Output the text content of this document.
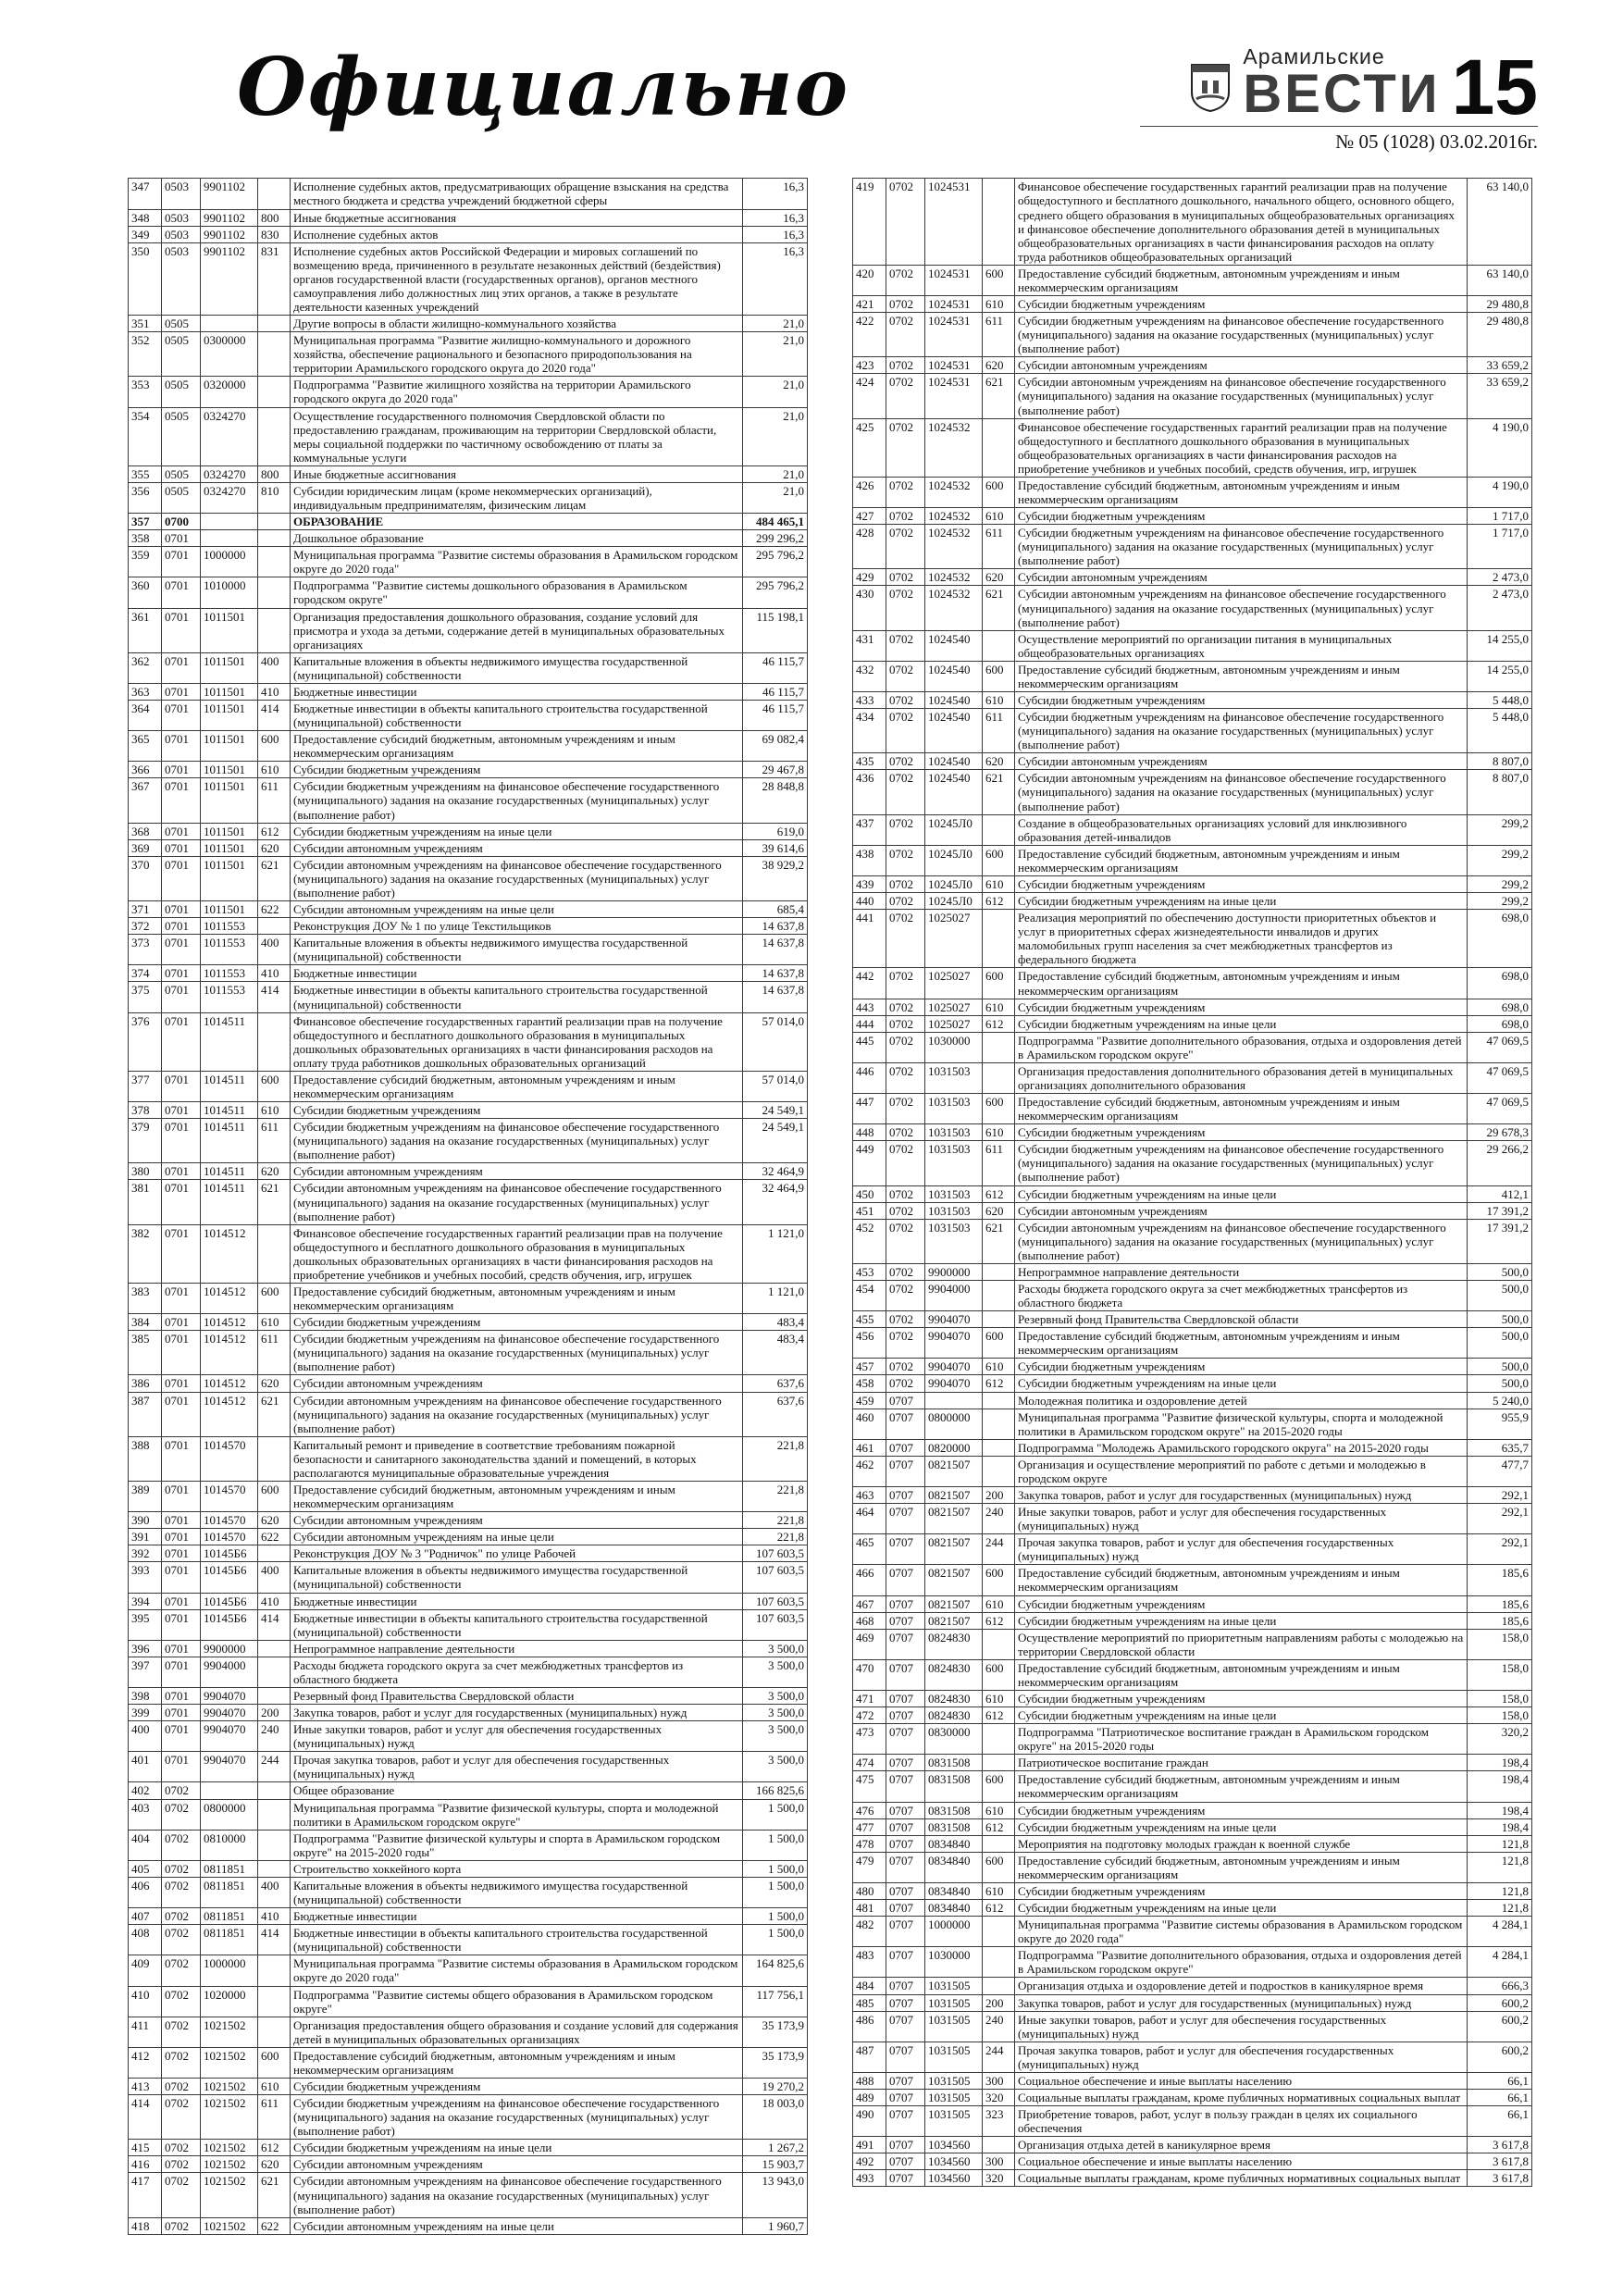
Официально	Арамильские
ВЕСТИ 15
№ 05 (1028) 03.02.2016г.
347	0503	9901102		Исполнение судебных актов, предусматривающих обращение взыскания на средства местного бюджета и средства учреждений бюджетной сферы	16,3
348	0503	9901102	800	Иные бюджетные ассигнования	16,3
349	0503	9901102	830	Исполнение судебных актов	16,3
350	0503	9901102	831	Исполнение судебных актов Российской Федерации и мировых соглашений по возмещению вреда, причиненного в результате незаконных действий (бездействия) органов государственной власти (государственных органов), органов местного самоуправления либо должностных лиц этих органов, а также в результате деятельности казенных учреждений	16,3
351	0505			Другие вопросы в области жилищно-коммунального хозяйства	21,0
352	0505	0300000		Муниципальная программа "Развитие жилищно-коммунального и дорожного хозяйства, обеспечение рационального и безопасного природопользования на территории Арамильского городского округа до 2020 года"	21,0
353	0505	0320000		Подпрограмма "Развитие жилищного хозяйства на территории Арамильского городского округа до 2020 года"	21,0
354	0505	0324270		Осуществление государственного полномочия Свердловской области по предоставлению гражданам, проживающим на территории Свердловской области, меры социальной поддержки по частичному освобождению от платы за коммунальные услуги	21,0
355	0505	0324270	800	Иные бюджетные ассигнования	21,0
356	0505	0324270	810	Субсидии юридическим лицам (кроме некоммерческих организаций), индивидуальным предпринимателям, физическим лицам	21,0
357	0700			ОБРАЗОВАНИЕ	484 465,1
358	0701			Дошкольное образование	299 296,2
359	0701	1000000		Муниципальная программа "Развитие системы образования в Арамильском городском округе до 2020 года"	295 796,2
360	0701	1010000		Подпрограмма "Развитие системы дошкольного образования в Арамильском городском округе"	295 796,2
361	0701	1011501		Организация предоставления дошкольного образования, создание условий для присмотра и ухода за детьми, содержание детей в муниципальных образовательных организациях	115 198,1
362	0701	1011501	400	Капитальные вложения в объекты недвижимого имущества государственной (муниципальной) собственности	46 115,7
363	0701	1011501	410	Бюджетные инвестиции	46 115,7
364	0701	1011501	414	Бюджетные инвестиции в объекты капитального строительства государственной (муниципальной) собственности	46 115,7
365	0701	1011501	600	Предоставление субсидий бюджетным, автономным учреждениям и иным некоммерческим организациям	69 082,4
366	0701	1011501	610	Субсидии бюджетным учреждениям	29 467,8
367	0701	1011501	611	Субсидии бюджетным учреждениям на финансовое обеспечение государственного (муниципального) задания на оказание государственных (муниципальных) услуг (выполнение работ)	28 848,8
368	0701	1011501	612	Субсидии бюджетным учреждениям на иные цели	619,0
369	0701	1011501	620	Субсидии автономным учреждениям	39 614,6
370	0701	1011501	621	Субсидии автономным учреждениям на финансовое обеспечение государственного (муниципального) задания на оказание государственных (муниципальных) услуг (выполнение работ)	38 929,2
371	0701	1011501	622	Субсидии автономным учреждениям на иные цели	685,4
372	0701	1011553		Реконструкция ДОУ № 1 по улице Текстильщиков	14 637,8
373	0701	1011553	400	Капитальные вложения в объекты недвижимого имущества государственной (муниципальной) собственности	14 637,8
374	0701	1011553	410	Бюджетные инвестиции	14 637,8
375	0701	1011553	414	Бюджетные инвестиции в объекты капитального строительства государственной (муниципальной) собственности	14 637,8
376	0701	1014511		Финансовое обеспечение государственных гарантий реализации прав на получение общедоступного и бесплатного дошкольного образования в муниципальных дошкольных образовательных организациях в части финансирования расходов на оплату труда работников дошкольных образовательных организаций	57 014,0
377	0701	1014511	600	Предоставление субсидий бюджетным, автономным учреждениям и иным некоммерческим организациям	57 014,0
378	0701	1014511	610	Субсидии бюджетным учреждениям	24 549,1
379	0701	1014511	611	Субсидии бюджетным учреждениям на финансовое обеспечение государственного (муниципального) задания на оказание государственных (муниципальных) услуг (выполнение работ)	24 549,1
380	0701	1014511	620	Субсидии автономным учреждениям	32 464,9
381	0701	1014511	621	Субсидии автономным учреждениям на финансовое обеспечение государственного (муниципального) задания на оказание государственных (муниципальных) услуг (выполнение работ)	32 464,9
382	0701	1014512		Финансовое обеспечение государственных гарантий реализации прав на получение общедоступного и бесплатного дошкольного образования в муниципальных дошкольных образовательных организациях в части финансирования расходов на приобретение учебников и учебных пособий, средств обучения, игр, игрушек	1 121,0
383	0701	1014512	600	Предоставление субсидий бюджетным, автономным учреждениям и иным некоммерческим организациям	1 121,0
384	0701	1014512	610	Субсидии бюджетным учреждениям	483,4
385	0701	1014512	611	Субсидии бюджетным учреждениям на финансовое обеспечение государственного (муниципального) задания на оказание государственных (муниципальных) услуг (выполнение работ)	483,4
386	0701	1014512	620	Субсидии автономным учреждениям	637,6
387	0701	1014512	621	Субсидии автономным учреждениям на финансовое обеспечение государственного (муниципального) задания на оказание государственных (муниципальных) услуг (выполнение работ)	637,6
388	0701	1014570		Капитальный ремонт и приведение в соответствие требованиям пожарной безопасности и санитарного законодательства зданий и помещений, в которых располагаются муниципальные образовательные учреждения	221,8
389	0701	1014570	600	Предоставление субсидий бюджетным, автономным учреждениям и иным некоммерческим организациям	221,8
390	0701	1014570	620	Субсидии автономным учреждениям	221,8
391	0701	1014570	622	Субсидии автономным учреждениям на иные цели	221,8
392	0701	10145Б6		Реконструкция ДОУ № 3 "Родничок" по улице Рабочей	107 603,5
393	0701	10145Б6	400	Капитальные вложения в объекты недвижимого имущества государственной (муниципальной) собственности	107 603,5
394	0701	10145Б6	410	Бюджетные инвестиции	107 603,5
395	0701	10145Б6	414	Бюджетные инвестиции в объекты капитального строительства государственной (муниципальной) собственности	107 603,5
396	0701	9900000		Непрограммное направление деятельности	3 500,0
397	0701	9904000		Расходы бюджета городского округа за счет межбюджетных трансфертов из областного бюджета	3 500,0
398	0701	9904070		Резервный фонд Правительства Свердловской области	3 500,0
399	0701	9904070	200	Закупка товаров, работ и услуг для государственных (муниципальных) нужд	3 500,0
400	0701	9904070	240	Иные закупки товаров, работ и услуг для обеспечения государственных (муниципальных) нужд	3 500,0
401	0701	9904070	244	Прочая закупка товаров, работ и услуг для обеспечения государственных (муниципальных) нужд	3 500,0
402	0702			Общее образование	166 825,6
403	0702	0800000		Муниципальная программа "Развитие физической культуры, спорта и молодежной политики в Арамильском городском округе"	1 500,0
404	0702	0810000		Подпрограмма "Развитие физической культуры и спорта в Арамильском городском округе" на 2015-2020 годы"	1 500,0
405	0702	0811851		Строительство хоккейного корта	1 500,0
406	0702	0811851	400	Капитальные вложения в объекты недвижимого имущества государственной (муниципальной) собственности	1 500,0
407	0702	0811851	410	Бюджетные инвестиции	1 500,0
408	0702	0811851	414	Бюджетные инвестиции в объекты капитального строительства государственной (муниципальной) собственности	1 500,0
409	0702	1000000		Муниципальная программа "Развитие системы образования в Арамильском городском округе до 2020 года"	164 825,6
410	0702	1020000		Подпрограмма "Развитие системы общего образования в Арамильском городском округе"	117 756,1
411	0702	1021502		Организация предоставления общего образования и создание условий для содержания детей в муниципальных образовательных организациях	35 173,9
412	0702	1021502	600	Предоставление субсидий бюджетным, автономным учреждениям и иным некоммерческим организациям	35 173,9
413	0702	1021502	610	Субсидии бюджетным учреждениям	19 270,2
414	0702	1021502	611	Субсидии бюджетным учреждениям на финансовое обеспечение государственного (муниципального) задания на оказание государственных (муниципальных) услуг (выполнение работ)	18 003,0
415	0702	1021502	612	Субсидии бюджетным учреждениям на иные цели	1 267,2
416	0702	1021502	620	Субсидии автономным учреждениям	15 903,7
417	0702	1021502	621	Субсидии автономным учреждениям на финансовое обеспечение государственного (муниципального) задания на оказание государственных (муниципальных) услуг (выполнение работ)	13 943,0
418	0702	1021502	622	Субсидии автономным учреждениям на иные цели	1 960,7
419	0702	1024531		Финансовое обеспечение государственных гарантий реализации прав на получение общедоступного и бесплатного дошкольного, начального общего, основного общего, среднего общего образования в муниципальных общеобразовательных организациях и финансовое обеспечение дополнительного образования детей в муниципальных общеобразовательных организациях в части финансирования расходов на оплату труда работников общеобразовательных организаций	63 140,0
420	0702	1024531	600	Предоставление субсидий бюджетным, автономным учреждениям и иным некоммерческим организациям	63 140,0
421	0702	1024531	610	Субсидии бюджетным учреждениям	29 480,8
422	0702	1024531	611	Субсидии бюджетным учреждениям на финансовое обеспечение государственного (муниципального) задания на оказание государственных (муниципальных) услуг (выполнение работ)	29 480,8
423	0702	1024531	620	Субсидии автономным учреждениям	33 659,2
424	0702	1024531	621	Субсидии автономным учреждениям на финансовое обеспечение государственного (муниципального) задания на оказание государственных (муниципальных) услуг (выполнение работ)	33 659,2
425	0702	1024532		Финансовое обеспечение государственных гарантий реализации прав на получение общедоступного и бесплатного дошкольного образования в муниципальных общеобразовательных организациях в части финансирования расходов на приобретение учебников и учебных пособий, средств обучения, игр, игрушек	4 190,0
426	0702	1024532	600	Предоставление субсидий бюджетным, автономным учреждениям и иным некоммерческим организациям	4 190,0
427	0702	1024532	610	Субсидии бюджетным учреждениям	1 717,0
428	0702	1024532	611	Субсидии бюджетным учреждениям на финансовое обеспечение государственного (муниципального) задания на оказание государственных (муниципальных) услуг (выполнение работ)	1 717,0
429	0702	1024532	620	Субсидии автономным учреждениям	2 473,0
430	0702	1024532	621	Субсидии автономным учреждениям на финансовое обеспечение государственного (муниципального) задания на оказание государственных (муниципальных) услуг (выполнение работ)	2 473,0
431	0702	1024540		Осуществление мероприятий по организации питания в муниципальных общеобразовательных организациях	14 255,0
432	0702	1024540	600	Предоставление субсидий бюджетным, автономным учреждениям и иным некоммерческим организациям	14 255,0
433	0702	1024540	610	Субсидии бюджетным учреждениям	5 448,0
434	0702	1024540	611	Субсидии бюджетным учреждениям на финансовое обеспечение государственного (муниципального) задания на оказание государственных (муниципальных) услуг (выполнение работ)	5 448,0
435	0702	1024540	620	Субсидии автономным учреждениям	8 807,0
436	0702	1024540	621	Субсидии автономным учреждениям на финансовое обеспечение государственного (муниципального) задания на оказание государственных (муниципальных) услуг (выполнение работ)	8 807,0
437	0702	10245Л0		Создание в общеобразовательных организациях условий для инклюзивного образования детей-инвалидов	299,2
438	0702	10245Л0	600	Предоставление субсидий бюджетным, автономным учреждениям и иным некоммерческим организациям	299,2
439	0702	10245Л0	610	Субсидии бюджетным учреждениям	299,2
440	0702	10245Л0	612	Субсидии бюджетным учреждениям на иные цели	299,2
441	0702	1025027		Реализация мероприятий по обеспечению доступности приоритетных объектов и услуг в приоритетных сферах жизнедеятельности инвалидов и других маломобильных групп населения за счет межбюджетных трансфертов из федерального бюджета	698,0
442	0702	1025027	600	Предоставление субсидий бюджетным, автономным учреждениям и иным некоммерческим организациям	698,0
443	0702	1025027	610	Субсидии бюджетным учреждениям	698,0
444	0702	1025027	612	Субсидии бюджетным учреждениям на иные цели	698,0
445	0702	1030000		Подпрограмма "Развитие дополнительного образования, отдыха и оздоровления детей в Арамильском городском округе"	47 069,5
446	0702	1031503		Организация предоставления дополнительного образования детей в муниципальных организациях дополнительного образования	47 069,5
447	0702	1031503	600	Предоставление субсидий бюджетным, автономным учреждениям и иным некоммерческим организациям	47 069,5
448	0702	1031503	610	Субсидии бюджетным учреждениям	29 678,3
449	0702	1031503	611	Субсидии бюджетным учреждениям на финансовое обеспечение государственного (муниципального) задания на оказание государственных (муниципальных) услуг (выполнение работ)	29 266,2
450	0702	1031503	612	Субсидии бюджетным учреждениям на иные цели	412,1
451	0702	1031503	620	Субсидии автономным учреждениям	17 391,2
452	0702	1031503	621	Субсидии автономным учреждениям на финансовое обеспечение государственного (муниципального) задания на оказание государственных (муниципальных) услуг (выполнение работ)	17 391,2
453	0702	9900000		Непрограммное направление деятельности	500,0
454	0702	9904000		Расходы бюджета городского округа за счет межбюджетных трансфертов из областного бюджета	500,0
455	0702	9904070		Резервный фонд Правительства Свердловской области	500,0
456	0702	9904070	600	Предоставление субсидий бюджетным, автономным учреждениям и иным некоммерческим организациям	500,0
457	0702	9904070	610	Субсидии бюджетным учреждениям	500,0
458	0702	9904070	612	Субсидии бюджетным учреждениям на иные цели	500,0
459	0707			Молодежная политика и оздоровление детей	5 240,0
460	0707	0800000		Муниципальная программа "Развитие физической культуры, спорта и молодежной политики в Арамильском городском округе" на 2015-2020 годы	955,9
461	0707	0820000		Подпрограмма "Молодежь Арамильского городского округа" на 2015-2020 годы	635,7
462	0707	0821507		Организация и осуществление мероприятий по работе с детьми и молодежью в городском округе	477,7
463	0707	0821507	200	Закупка товаров, работ и услуг для государственных (муниципальных) нужд	292,1
464	0707	0821507	240	Иные закупки товаров, работ и услуг для обеспечения государственных (муниципальных) нужд	292,1
465	0707	0821507	244	Прочая закупка товаров, работ и услуг для обеспечения государственных (муниципальных) нужд	292,1
466	0707	0821507	600	Предоставление субсидий бюджетным, автономным учреждениям и иным некоммерческим организациям	185,6
467	0707	0821507	610	Субсидии бюджетным учреждениям	185,6
468	0707	0821507	612	Субсидии бюджетным учреждениям на иные цели	185,6
469	0707	0824830		Осуществление мероприятий по приоритетным направлениям работы с молодежью на территории Свердловской области	158,0
470	0707	0824830	600	Предоставление субсидий бюджетным, автономным учреждениям и иным некоммерческим организациям	158,0
471	0707	0824830	610	Субсидии бюджетным учреждениям	158,0
472	0707	0824830	612	Субсидии бюджетным учреждениям на иные цели	158,0
473	0707	0830000		Подпрограмма "Патриотическое воспитание граждан в Арамильском городском округе" на 2015-2020 годы	320,2
474	0707	0831508		Патриотическое воспитание граждан	198,4
475	0707	0831508	600	Предоставление субсидий бюджетным, автономным учреждениям и иным некоммерческим организациям	198,4
476	0707	0831508	610	Субсидии бюджетным учреждениям	198,4
477	0707	0831508	612	Субсидии бюджетным учреждениям на иные цели	198,4
478	0707	0834840		Мероприятия на подготовку молодых граждан к военной службе	121,8
479	0707	0834840	600	Предоставление субсидий бюджетным, автономным учреждениям и иным некоммерческим организациям	121,8
480	0707	0834840	610	Субсидии бюджетным учреждениям	121,8
481	0707	0834840	612	Субсидии бюджетным учреждениям на иные цели	121,8
482	0707	1000000		Муниципальная программа "Развитие системы образования в Арамильском городском округе до 2020 года"	4 284,1
483	0707	1030000		Подпрограмма "Развитие дополнительного образования, отдыха и оздоровления детей в Арамильском городском округе"	4 284,1
484	0707	1031505		Организация отдыха и оздоровление детей и подростков в каникулярное время	666,3
485	0707	1031505	200	Закупка товаров, работ и услуг для государственных (муниципальных) нужд	600,2
486	0707	1031505	240	Иные закупки товаров, работ и услуг для обеспечения государственных (муниципальных) нужд	600,2
487	0707	1031505	244	Прочая закупка товаров, работ и услуг для обеспечения государственных (муниципальных) нужд	600,2
488	0707	1031505	300	Социальное обеспечение и иные выплаты населению	66,1
489	0707	1031505	320	Социальные выплаты гражданам, кроме публичных нормативных социальных выплат	66,1
490	0707	1031505	323	Приобретение товаров, работ, услуг в пользу граждан в целях их социального обеспечения	66,1
491	0707	1034560		Организация отдыха детей в каникулярное время	3 617,8
492	0707	1034560	300	Социальное обеспечение и иные выплаты населению	3 617,8
493	0707	1034560	320	Социальные выплаты гражданам, кроме публичных нормативных социальных выплат	3 617,8
